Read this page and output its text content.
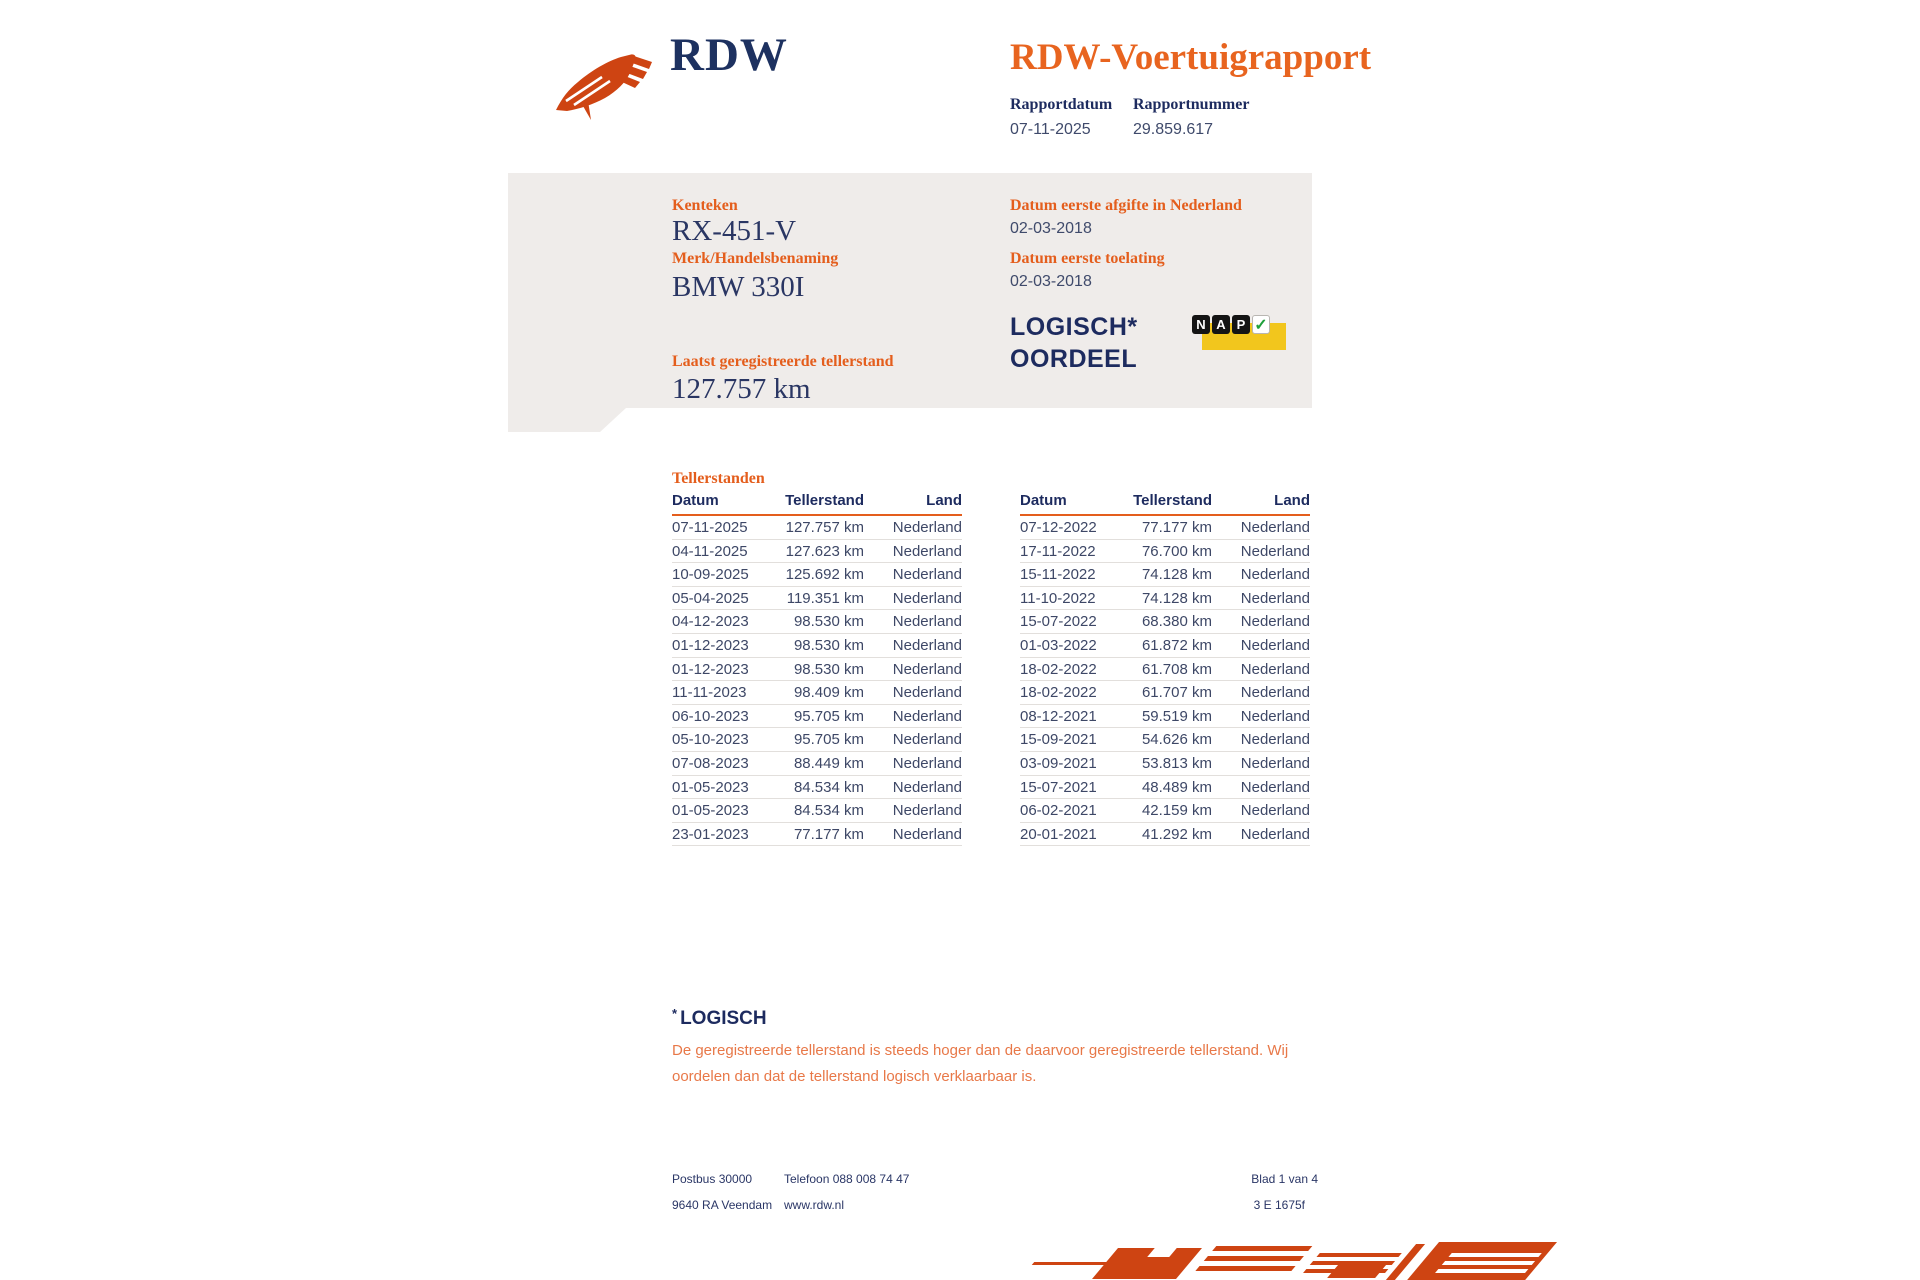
RDW	RDW-Voertuigrapport
Rapportdatum
07-11-2025
Rapportnummer
29.859.617
Kenteken
RX-451-V
Merk/Handelsbenaming
BMW 330I
Laatst geregistreerde tellerstand
127.757 km
Datum eerste afgifte in Nederland
02-03-2018
Datum eerste toelating
02-03-2018
LOGISCH*
OORDEEL
N A P ✓
Tellerstanden
Datum	Tellerstand	Land
07-11-2025	127.757 km	Nederland
04-11-2025	127.623 km	Nederland
10-09-2025	125.692 km	Nederland
05-04-2025	119.351 km	Nederland
04-12-2023	98.530 km	Nederland
01-12-2023	98.530 km	Nederland
01-12-2023	98.530 km	Nederland
11-11-2023	98.409 km	Nederland
06-10-2023	95.705 km	Nederland
05-10-2023	95.705 km	Nederland
07-08-2023	88.449 km	Nederland
01-05-2023	84.534 km	Nederland
01-05-2023	84.534 km	Nederland
23-01-2023	77.177 km	Nederland
Datum	Tellerstand	Land
07-12-2022	77.177 km	Nederland
17-11-2022	76.700 km	Nederland
15-11-2022	74.128 km	Nederland
11-10-2022	74.128 km	Nederland
15-07-2022	68.380 km	Nederland
01-03-2022	61.872 km	Nederland
18-02-2022	61.708 km	Nederland
18-02-2022	61.707 km	Nederland
08-12-2021	59.519 km	Nederland
15-09-2021	54.626 km	Nederland
03-09-2021	53.813 km	Nederland
15-07-2021	48.489 km	Nederland
06-02-2021	42.159 km	Nederland
20-01-2021	41.292 km	Nederland
* LOGISCH
De geregistreerde tellerstand is steeds hoger dan de daarvoor geregistreerde tellerstand. Wij oordelen dan dat de tellerstand logisch verklaarbaar is.
Postbus 30000
9640 RA Veendam
Telefoon 088 008 74 47
www.rdw.nl
Blad 1 van 4
3 E 1675f
